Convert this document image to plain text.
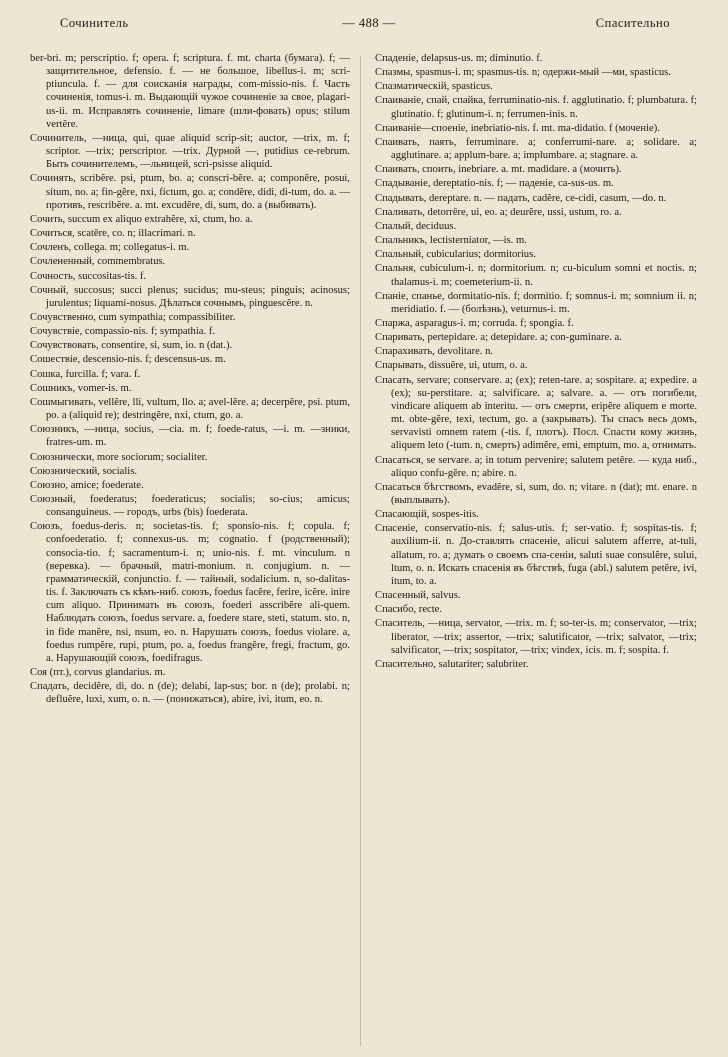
Сочинитель	— 488 —	Спасительно

ber-bri. m; perscriptio. f; opera. f; scriptura. f. mt. charta (бумага). f; — защитительное, defensio. f. — не большое, libellus-i. m; scri-ptiuncula. f. — для соисканія награды, com-missio-nis. f. Часть сочиненія, tomus-i. m. Выдающій чужое сочиненіе за свое, plagari-us-ii. m. Исправлять сочиненіе, limare (шли-фовать) opus; stilum vertĕre.

Сочинитель, —ница, qui, quae aliquid scrip-sit; auctor, —trix, m. f; scriptor. —trix; perscriptor. —trix. Дурной —, putidius ce-rebrum. Быть сочинителемъ, —льницей, scri-psisse aliquid.

Сочинять, scribĕre. psi, ptum, bo. a; conscri-bĕre. a; componĕre, posui, situm, no. a; fin-gĕre, nxi, fictum, go. a; condĕre, didi, di-tum, do. a. — противъ, rescribĕre. a. mt. excudĕre, di, sum, do. a (выбивать).

Сочить, succum ex aliquo extrahĕre, xi, ctum, ho. a.

Сочиться, scatēre, co. n; illacrimari. n.

Сочленъ, collega. m; collegatus-i. m.

Сочлененный, commembratus.

Сочность, succositas-tis. f.

Сочный, succosus; succi plenus; sucidus; mu-steus; pinguis; acinosus; jurulentus; liquami-nosus. Дѣлаться сочнымъ, pinguescĕre. n.

Сочувственно, cum sympathia; compassibiliter.

Сочувствіе, compassio-nis. f; sympathia. f.

Сочувствовать, consentire, si, sum, io. n (dat.).

Сошествіе, descensio-nis. f; descensus-us. m.

Сошка, furcilla. f; vara. f.

Сошникъ, vomer-is. m.

Сошмыгивать, vellĕre, lli, vultum, llo. a; avel-lĕre. a; decerpĕre, psi. ptum, po. a (aliquid re); destringĕre, nxi, ctum, go. a.

Союзникъ, —ница, socius, —cia. m. f; foede-ratus, —i. m. —зники, fratres-um. m.

Союзнически, more sociorum; socialiter.

Союзнический, socialis.

Союзно, amice; foederate.

Союзный, foederatus; foederaticus; socialis; so-cius; amicus; consanguineus. — городъ, urbs (bis) foederata.

Союзъ, foedus-deris. n; societas-tis. f; sponsio-nis. f; copula. f; confoederatio. f; connexus-us. m; cognatio. f (родственный); consocia-tio. f; sacramentum-i. n; unio-nis. f. mt. vinculum. n (веревка). — брачный, matri-monium. n. conjugium. n. — грамматическій, conjunctio. f. — тайный, sodalicium. n, so-dalitas-tis. f. Заключать съ кѣмъ-ниб. союзъ, foedus facĕre, ferire, icĕre. inire cum aliquo. Принимать въ союзъ, foederi asscribĕre ali-quem. Наблюдать союзъ, foedus servare. a, foedere stare, steti, statum. sto. n, in fide manĕre, nsi, nsum, eo. n. Нарушать союзъ, foedus violare. a, foedus rumpĕre, rupi, ptum, po. a, foedus frangĕre, fregi, fractum, go. a. Нарушающій союзъ, foedifragus.

Соя (пт.), corvus glandarius. m.

Спадать, decidĕre, di, do. n (de); delabi, lap-sus; bor. n (de); prolabi. n; defluĕre, luxi, xum, o. n. — (понижаться), abire, ivi, itum, eo. n.

Спаденіе, delapsus-us. m; diminutio. f.

Спазмы, spasmus-i. m; spasmus-tis. n; одержи-мый —ми, spasticus.

Спазматическій, spasticus.

Спаиваніе, спай, спайка, ferruminatio-nis. f. agglutinatio. f; plumbatura. f; glutinatio. f; glutinum-i. n; ferrumen-inis. n.

Спаиваніе—споеніе, inebriatio-nis. f. mt. ma-didatio. f (моченіе).

Спаивать, паять, ferruminare. a; conferrumi-nare. a; solidare. a; agglutinare. a; applum-bare. a; implumbare. a; stagnare. a.

Спаивать, споить, inebriare. a. mt. madidare. a (мочить).

Спадываніе, dereptatio-nis. f; — паденіе, ca-sus-us. m.

Спадывать, dereptare. n. — падать, cadĕre, ce-cidi, casum, —do. n.

Спаливать, detorrēre, ui, eo. a; deurĕre, ussi, ustum, ro. a.

Спалый, deciduus.

Спальникъ, lectisterniator, —is. m.

Спальный, cubicularius; dormitorius.

Спальня, cubiculum-i. n; dormitorium. n; cu-biculum somni et noctis. n; thalamus-i. m; coemeterium-ii. n.

Спаніе, спанье, dormitatio-nis. f; dormitio. f; somnus-i. m; somnium ii. n; meridiatio. f. — (болѣзнь), veturnus-i. m.

Спаржа, asparagus-i. m; corruda. f; spongia. f.

Спаривать, pertepidare. a; detepidare. a; con-guminare. a.

Спарахивать, devolitare. n.

Спарывать, dissuĕre, ui, utum, o. a.

Спасать, servare; conservare. a; (ex); reten-tare. a; sospitare. a; expedire. a (ex); su-perstitare. a; salvificare. a; salvare. a. — отъ погибели, vindicare aliquem ab interitu. — отъ смерти, eripĕre aliquem e morte. mt. obte-gĕre, texi, tectum, go. a (закрывать). Ты спасъ весь домъ, servavisti omnem ratem (-tis. f, плотъ). Посл. Спасти кому жизнь, aliquem leto (-tum. n, смерть) adimĕre, emi, emptum, mo. a, отнимать.

Спасаться, se servare. a; in totum pervenire; salutem petĕre. — куда ниб., aliquo confu-gĕre. n; abire. n.

Спасаться бѣгствомъ, evadĕre, si, sum, do. n; vitare. n (dat); mt. enare. n (выплывать).

Спасающій, sospes-itis.

Спасеніе, conservatio-nis. f; salus-utis. f; ser-vatio. f; sospitas-tis. f; auxilium-ii. n. До-ставлять спасеніе, alicui salutem afferre, at-tuli, allatum, ro. a; думать о своемъ спа-сеніи, saluti suae consulĕre, sului, ltum, o. n. Искать спасенія въ бѣгствѣ, fuga (abl.) salutem petĕre, ivi, itum, to. a.

Спасенный, salvus.

Спасибо, recte.

Спаситель, —ница, servator, —trix. m. f; so-ter-is. m; conservator, —trix; liberator, —trix; assertor, —trix; salutificator, —trix; salvator, —trix; salvificator, —trix; sospitator, —trix; vindex, icis. m. f; sospita. f.

Спасительно, salutariter; salubriter.
